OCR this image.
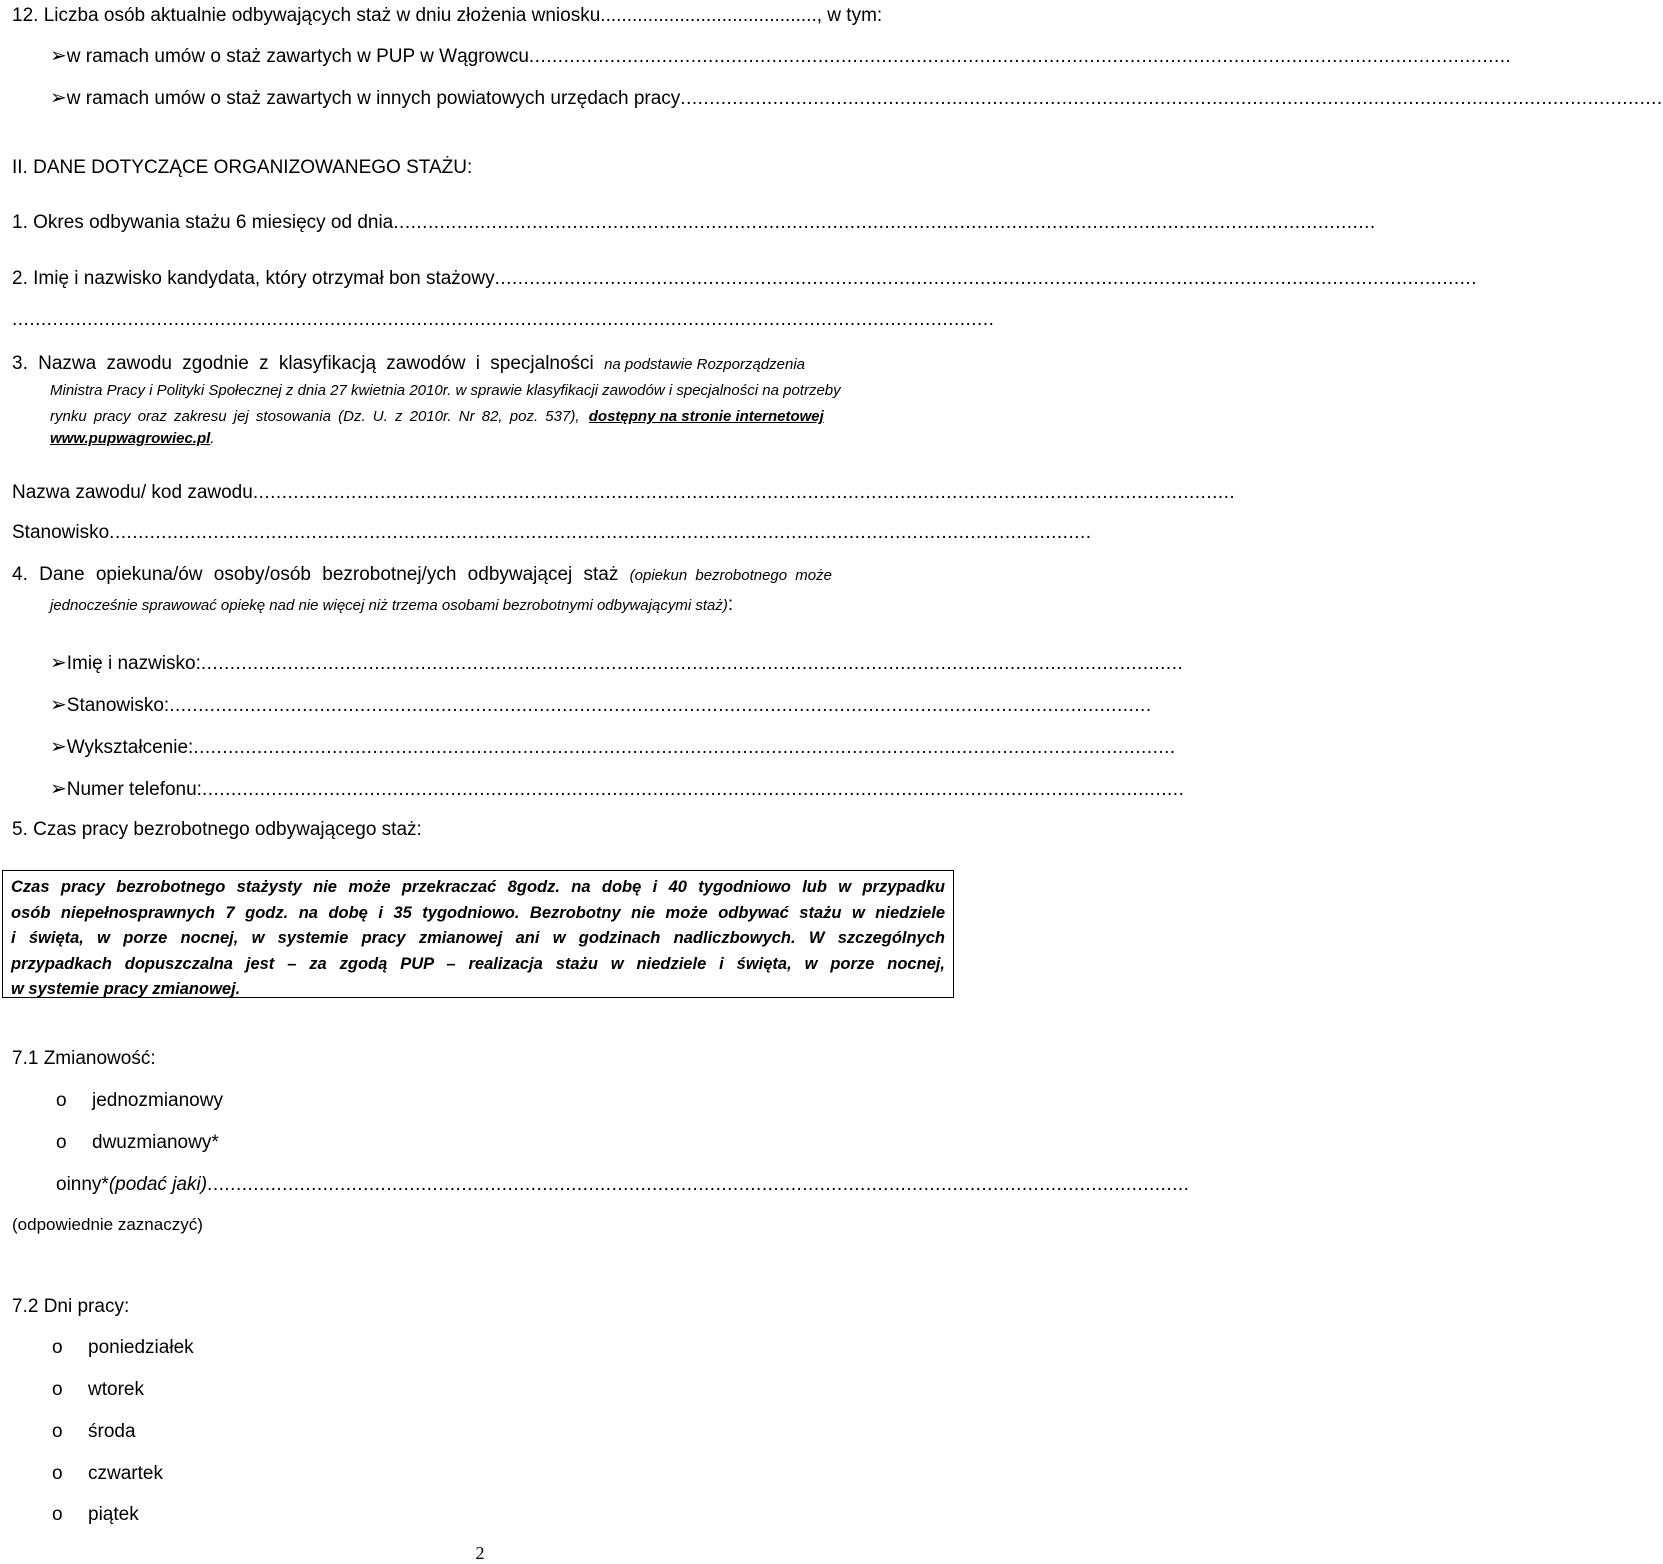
12. Liczba osób aktualnie odbywających staż w dniu złożenia wniosku ......................................... , w tym:
➢ w ramach umów o staż zawartych w PUP w Wągrowcu ..........................................................................................................................................................................
➢ w ramach umów o staż zawartych w innych powiatowych urzędach pracy ..........................................................................................................................................................................
II. DANE DOTYCZĄCE ORGANIZOWANEGO STAŻU:
1. Okres odbywania stażu 6 miesięcy od dnia ..........................................................................................................................................................................
2. Imię i nazwisko kandydata, który otrzymał bon stażowy ..........................................................................................................................................................................
..........................................................................................................................................................................
3. Nazwa zawodu zgodnie z klasyfikacją zawodów i specjalności na podstawie Rozporządzenia
Ministra Pracy i Polityki Społecznej z dnia 27 kwietnia 2010r. w sprawie klasyfikacji zawodów i specjalności na potrzeby
rynku pracy oraz zakresu jej stosowania (Dz. U. z 2010r. Nr 82, poz. 537), dostępny na stronie internetowej
www.pupwagrowiec.pl.
Nazwa zawodu/ kod zawodu ..........................................................................................................................................................................
Stanowisko ..........................................................................................................................................................................
4. Dane opiekuna/ów osoby/osób bezrobotnej/ych odbywającej staż (opiekun bezrobotnego może
jednocześnie sprawować opiekę nad nie więcej niż trzema osobami bezrobotnymi odbywającymi staż):
➢ Imię i nazwisko: ..........................................................................................................................................................................
➢ Stanowisko: ..........................................................................................................................................................................
➢ Wykształcenie: ..........................................................................................................................................................................
➢ Numer telefonu: ..........................................................................................................................................................................
5. Czas pracy bezrobotnego odbywającego staż:
Czas pracy bezrobotnego stażysty nie może przekraczać 8godz. na dobę i 40 tygodniowo lub w przypadku
osób niepełnosprawnych 7 godz. na dobę i 35 tygodniowo. Bezrobotny nie może odbywać stażu w niedziele
i święta, w porze nocnej, w systemie pracy zmianowej ani w godzinach nadliczbowych. W szczególnych
przypadkach dopuszczalna jest – za zgodą PUP – realizacja stażu w niedziele i święta, w porze nocnej,
w systemie pracy zmianowej.
7.1 Zmianowość:
o jednozmianowy
o dwuzmianowy*
o inny* (podać jaki) ..........................................................................................................................................................................
(odpowiednie zaznaczyć)
7.2 Dni pracy:
o poniedziałek
o wtorek
o środa
o czwartek
o piątek
2
